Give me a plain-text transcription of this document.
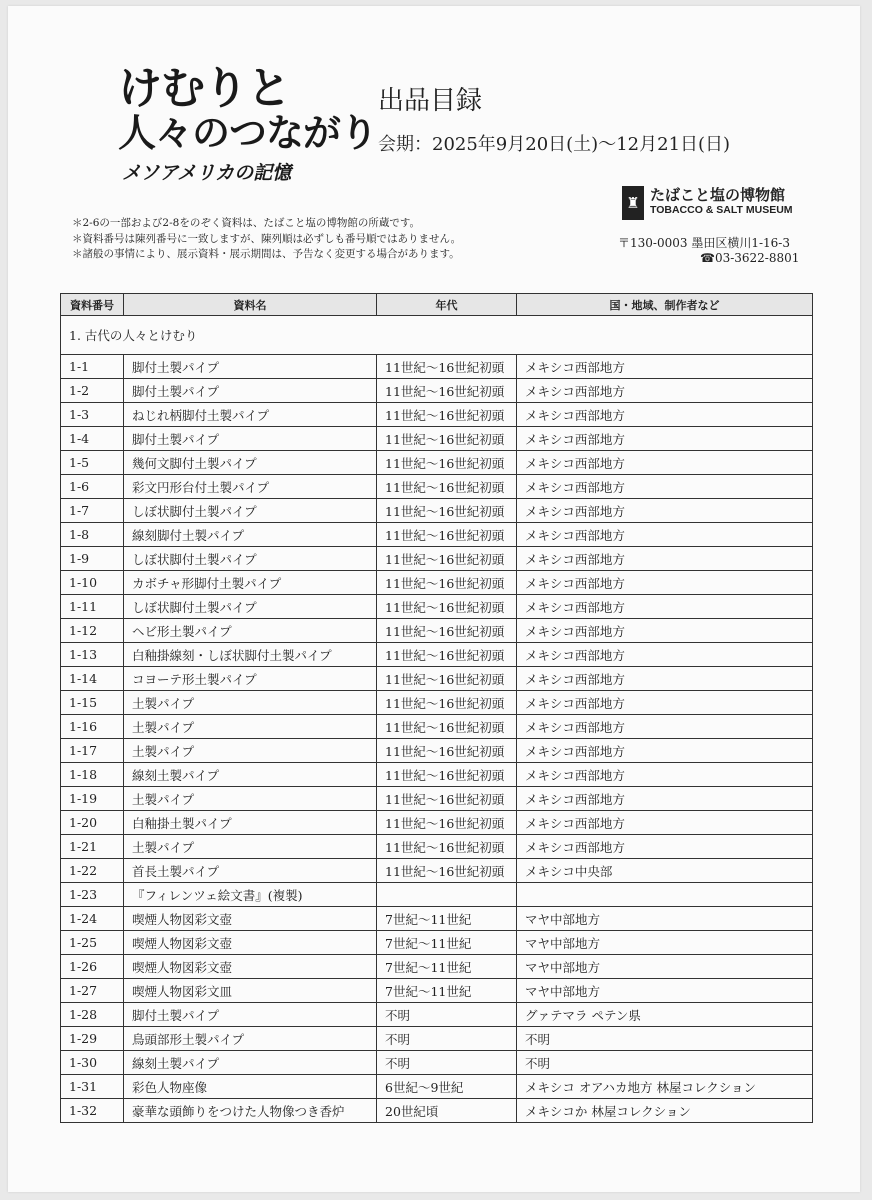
けむりと
人々のつながり
メソアメリカの記憶
出品目録
会期：2025年9月20日(土)〜12月21日(日)
♜ たばこと塩の博物館
TOBACCO & SALT MUSEUM
〒130-0003 墨田区横川1-16-3
☎03-3622-8801
＊2-6の一部および2-8をのぞく資料は、たばこと塩の博物館の所蔵です。
＊資料番号は陳列番号に一致しますが、陳列順は必ずしも番号順ではありません。
＊諸般の事情により、展示資料・展示期間は、予告なく変更する場合があります。
資料番号	資料名	年代	国・地域、制作者など
1. 古代の人々とけむり			
1-1	脚付土製パイプ	11世紀〜16世紀初頭	メキシコ西部地方
1-2	脚付土製パイプ	11世紀〜16世紀初頭	メキシコ西部地方
1-3	ねじれ柄脚付土製パイプ	11世紀〜16世紀初頭	メキシコ西部地方
1-4	脚付土製パイプ	11世紀〜16世紀初頭	メキシコ西部地方
1-5	幾何文脚付土製パイプ	11世紀〜16世紀初頭	メキシコ西部地方
1-6	彩文円形台付土製パイプ	11世紀〜16世紀初頭	メキシコ西部地方
1-7	しぼ状脚付土製パイプ	11世紀〜16世紀初頭	メキシコ西部地方
1-8	線刻脚付土製パイプ	11世紀〜16世紀初頭	メキシコ西部地方
1-9	しぼ状脚付土製パイプ	11世紀〜16世紀初頭	メキシコ西部地方
1-10	カボチャ形脚付土製パイプ	11世紀〜16世紀初頭	メキシコ西部地方
1-11	しぼ状脚付土製パイプ	11世紀〜16世紀初頭	メキシコ西部地方
1-12	ヘビ形土製パイプ	11世紀〜16世紀初頭	メキシコ西部地方
1-13	白釉掛線刻・しぼ状脚付土製パイプ	11世紀〜16世紀初頭	メキシコ西部地方
1-14	コヨーテ形土製パイプ	11世紀〜16世紀初頭	メキシコ西部地方
1-15	土製パイプ	11世紀〜16世紀初頭	メキシコ西部地方
1-16	土製パイプ	11世紀〜16世紀初頭	メキシコ西部地方
1-17	土製パイプ	11世紀〜16世紀初頭	メキシコ西部地方
1-18	線刻土製パイプ	11世紀〜16世紀初頭	メキシコ西部地方
1-19	土製パイプ	11世紀〜16世紀初頭	メキシコ西部地方
1-20	白釉掛土製パイプ	11世紀〜16世紀初頭	メキシコ西部地方
1-21	土製パイプ	11世紀〜16世紀初頭	メキシコ西部地方
1-22	首長土製パイプ	11世紀〜16世紀初頭	メキシコ中央部
1-23	『フィレンツェ絵文書』(複製)		
1-24	喫煙人物図彩文壺	7世紀〜11世紀	マヤ中部地方
1-25	喫煙人物図彩文壺	7世紀〜11世紀	マヤ中部地方
1-26	喫煙人物図彩文壺	7世紀〜11世紀	マヤ中部地方
1-27	喫煙人物図彩文皿	7世紀〜11世紀	マヤ中部地方
1-28	脚付土製パイプ	不明	グァテマラ ペテン県
1-29	鳥頭部形土製パイプ	不明	不明
1-30	線刻土製パイプ	不明	不明
1-31	彩色人物座像	6世紀〜9世紀	メキシコ オアハカ地方 林屋コレクション
1-32	豪華な頭飾りをつけた人物像つき香炉	20世紀頃	メキシコか 林屋コレクション
